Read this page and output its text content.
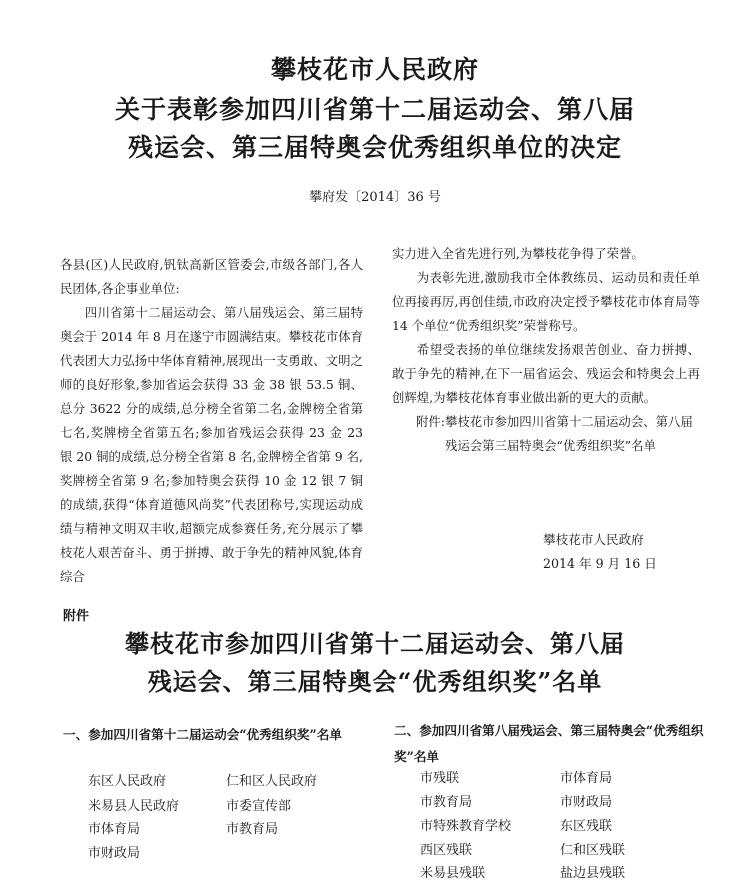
攀枝花市人民政府
关于表彰参加四川省第十二届运动会、第八届
残运会、第三届特奥会优秀组织单位的决定
攀府发〔2014〕36 号

各县(区)人民政府,钒钛高新区管委会,市级各部门,各人民团体,各企事业单位:

四川省第十二届运动会、第八届残运会、第三届特奥会于 2014 年 8 月在遂宁市圆满结束。攀枝花市体育代表团大力弘扬中华体育精神,展现出一支勇敢、文明之师的良好形象,参加省运会获得 33 金 38 银 53.5 铜、总分 3622 分的成绩,总分榜全省第二名,金牌榜全省第七名,奖牌榜全省第五名;参加省残运会获得 23 金 23 银 20 铜的成绩,总分榜全省第 8 名,金牌榜全省第 9 名,奖牌榜全省第 9 名;参加特奥会获得 10 金 12 银 7 铜的成绩,获得“体育道德风尚奖”代表团称号,实现运动成绩与精神文明双丰收,超额完成参赛任务,充分展示了攀枝花人艰苦奋斗、勇于拼搏、敢于争先的精神风貌,体育综合

实力进入全省先进行列,为攀枝花争得了荣誉。

为表彰先进,激励我市全体教练员、运动员和责任单位再接再厉,再创佳绩,市政府决定授予攀枝花市体育局等 14 个单位“优秀组织奖”荣誉称号。

希望受表扬的单位继续发扬艰苦创业、奋力拼搏、敢于争先的精神,在下一届省运会、残运会和特奥会上再创辉煌,为攀枝花体育事业做出新的更大的贡献。

附件: 攀枝花市参加四川省第十二届运动会、第八届残运会第三届特奥会“优秀组织奖”名单
攀枝花市人民政府
2014 年 9 月 16 日
附件
攀枝花市参加四川省第十二届运动会、第八届
残运会、第三届特奥会“优秀组织奖”名单
一、参加四川省第十二届运动会“优秀组织奖”名单	二、参加四川省第八届残运会、第三届特奥会“优秀组织奖”名单
东区人民政府	仁和区人民政府
米易县人民政府	市委宣传部
市体育局	市教育局
市财政局
市残联	市体育局
市教育局	市财政局
市特殊教育学校	东区残联
西区残联	仁和区残联
米易县残联	盐边县残联
